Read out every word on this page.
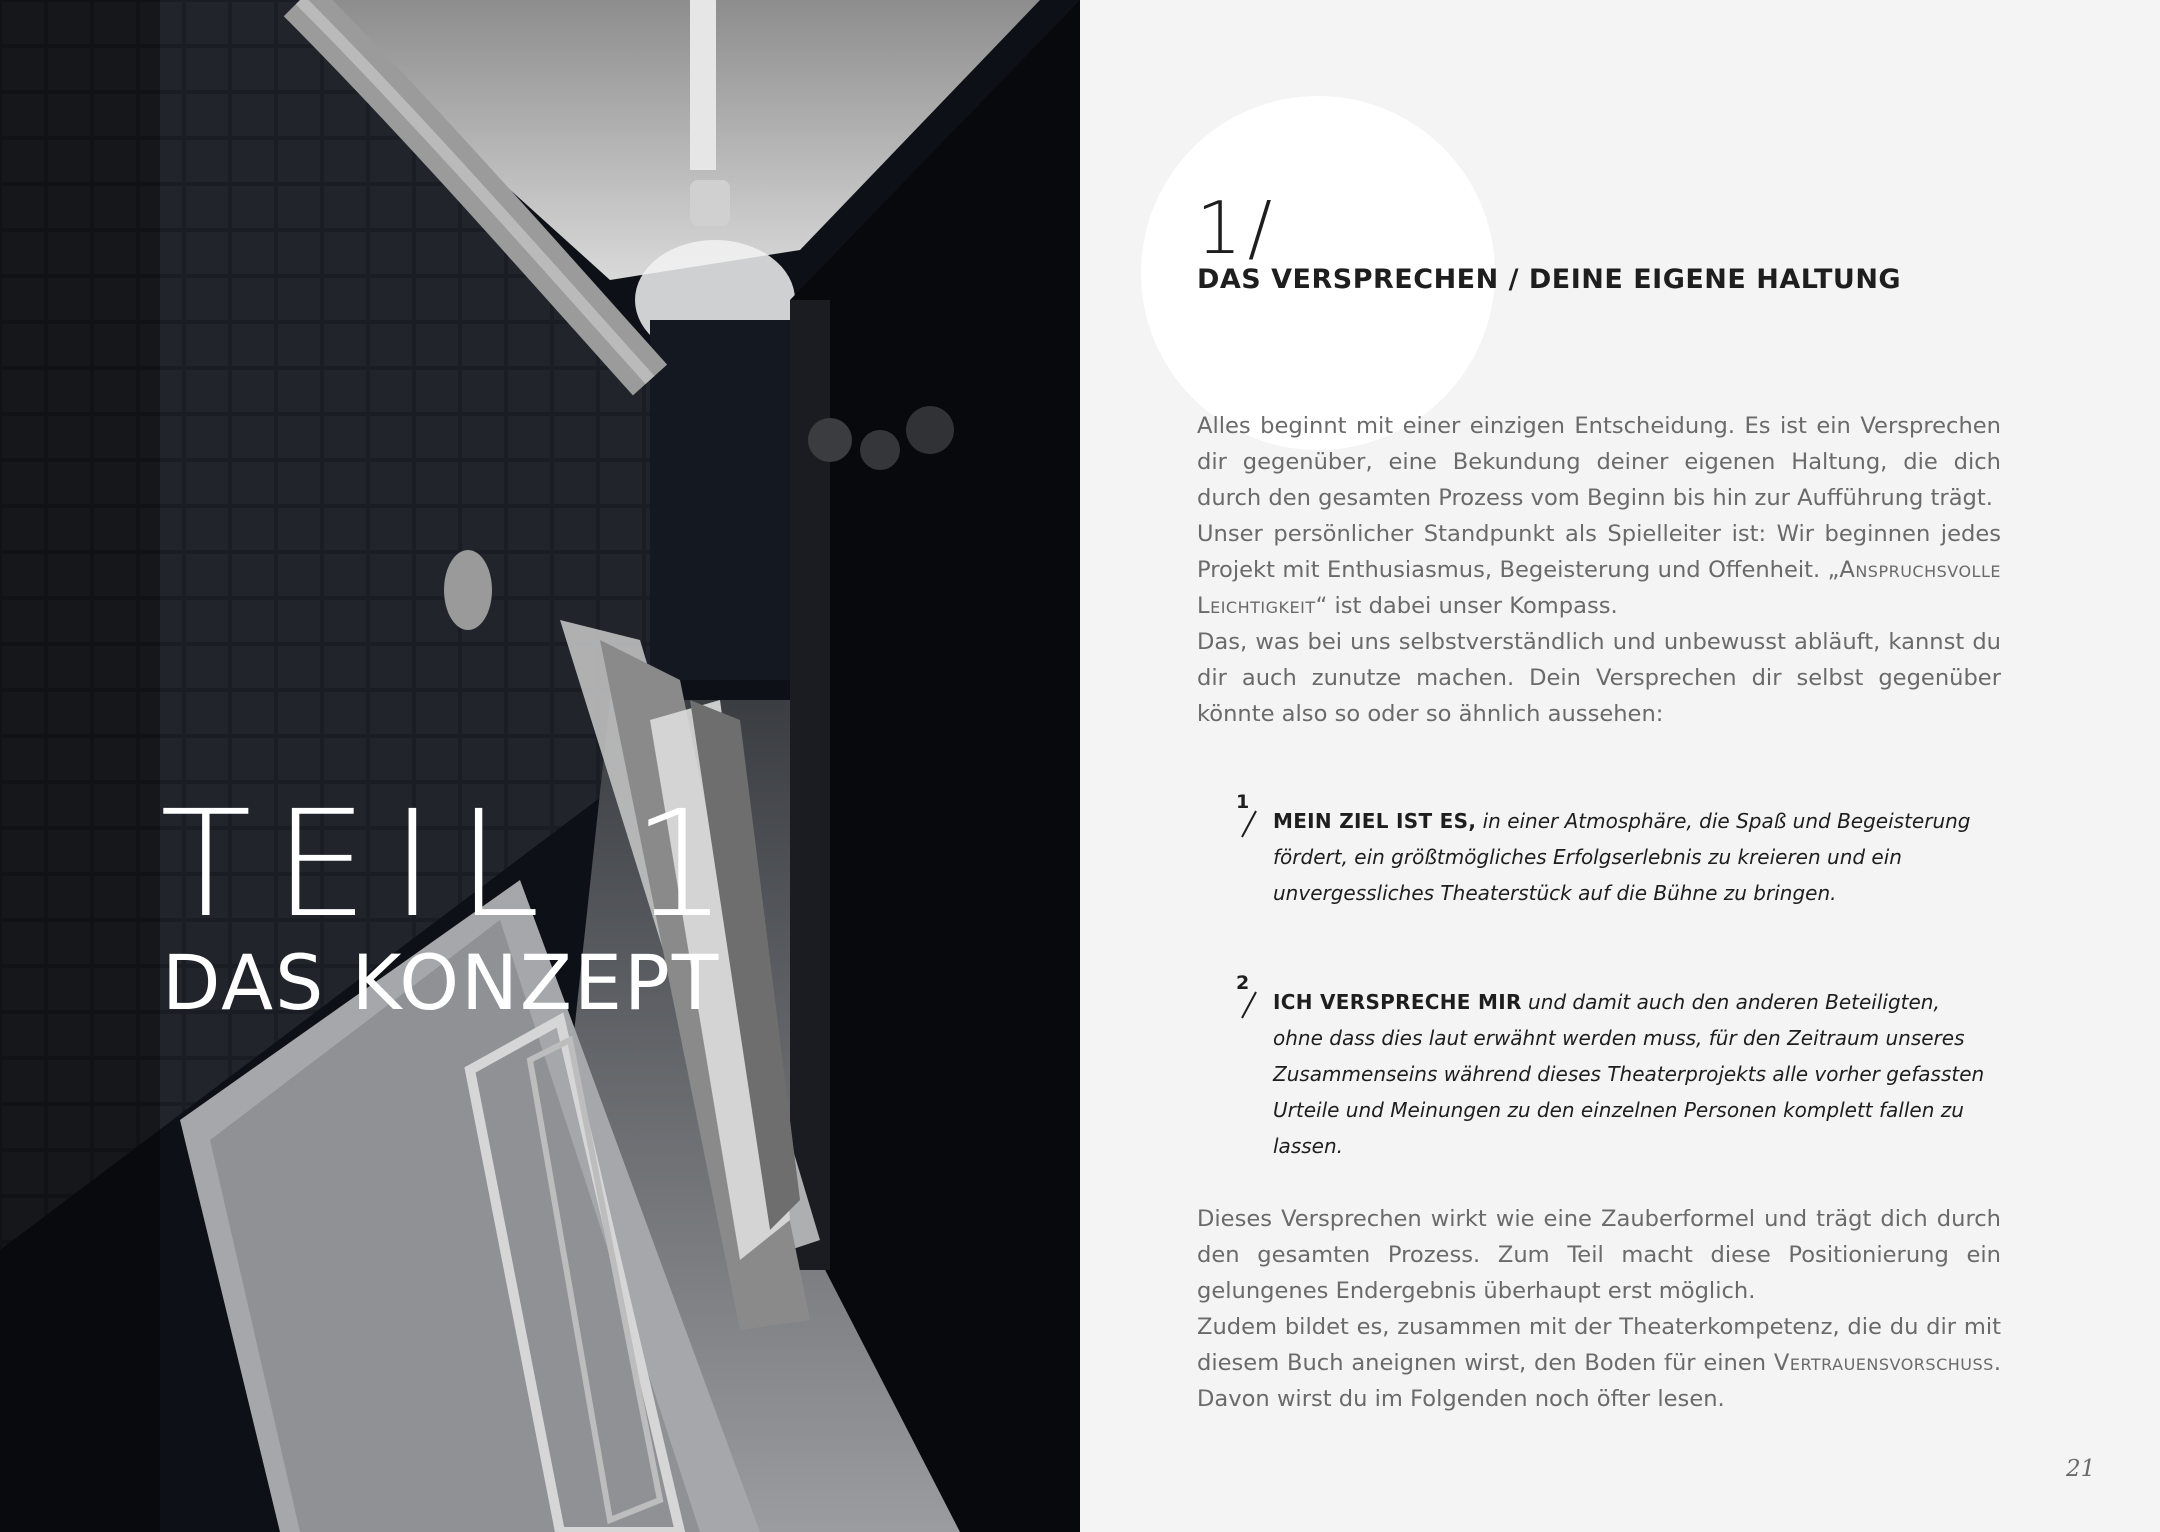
TEIL 1
DAS KONZEPT
1/
DAS VERSPRECHEN / DEINE EIGENE HALTUNG

Alles beginnt mit einer einzigen Entscheidung. Es ist ein Versprechen dir gegenüber, eine Bekundung deiner eigenen Haltung, die dich durch den gesamten Prozess vom Beginn bis hin zur Aufführung trägt.

Unser persönlicher Standpunkt als Spielleiter ist: Wir beginnen jedes Projekt mit Enthusiasmus, Begeisterung und Offenheit. „Anspruchsvolle Leichtigkeit“ ist dabei unser Kompass.

Das, was bei uns selbstverständlich und unbewusst abläuft, kannst du dir auch zunutze machen. Dein Versprechen dir selbst gegenüber könnte also so oder so ähnlich aussehen:

1
MEIN ZIEL IST ES, in einer Atmosphäre, die Spaß und Begeisterung fördert, ein größtmögliches Erfolgserlebnis zu kreieren und ein unvergessliches Theaterstück auf die Bühne zu bringen.
2
ICH VERSPRECHE MIR und damit auch den anderen Beteiligten, ohne dass dies laut erwähnt werden muss, für den Zeitraum unseres Zusammenseins während dieses Theaterprojekts alle vorher gefassten Urteile und Meinungen zu den einzelnen Personen komplett fallen zu lassen.

Dieses Versprechen wirkt wie eine Zauberformel und trägt dich durch den gesamten Prozess. Zum Teil macht diese Positionierung ein gelungenes Endergebnis überhaupt erst möglich.

Zudem bildet es, zusammen mit der Theaterkompetenz, die du dir mit diesem Buch aneignen wirst, den Boden für einen Vertrauensvorschuss. Davon wirst du im Folgenden noch öfter lesen.

21
